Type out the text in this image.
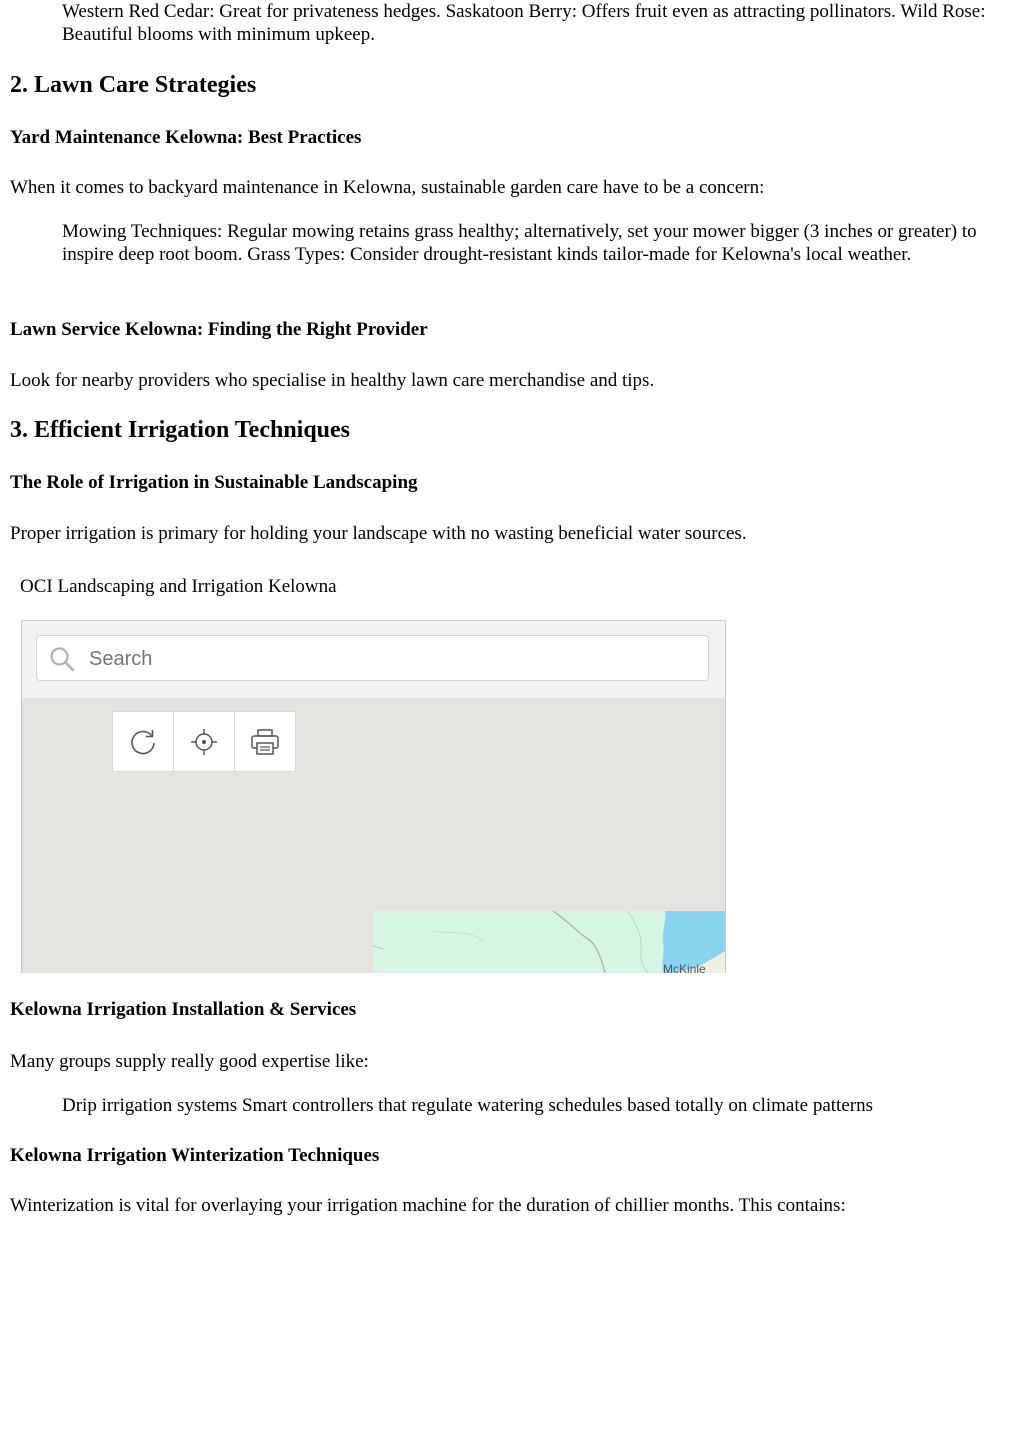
Western Red Cedar: Great for privateness hedges. Saskatoon Berry: Offers fruit even as attracting pollinators. Wild Rose: Beautiful blooms with minimum upkeep.

2. Lawn Care Strategies
Yard Maintenance Kelowna: Best Practices

When it comes to backyard maintenance in Kelowna, sustainable garden care have to be a concern:

Mowing Techniques: Regular mowing retains grass healthy; alternatively, set your mower bigger (3 inches or greater) to inspire deep root boom. Grass Types: Consider drought-resistant kinds tailor-made for Kelowna's local weather.

Lawn Service Kelowna: Finding the Right Provider

Look for nearby providers who specialise in healthy lawn care merchandise and tips.

3. Efficient Irrigation Techniques
The Role of Irrigation in Sustainable Landscaping

Proper irrigation is primary for holding your landscape with no wasting beneficial water sources.

OCI Landscaping and Irrigation Kelowna
Search
McKinle
Kelowna Irrigation Installation & Services

Many groups supply really good expertise like:

Drip irrigation systems Smart controllers that regulate watering schedules based totally on climate patterns

Kelowna Irrigation Winterization Techniques

Winterization is vital for overlaying your irrigation machine for the duration of chillier months. This contains:
